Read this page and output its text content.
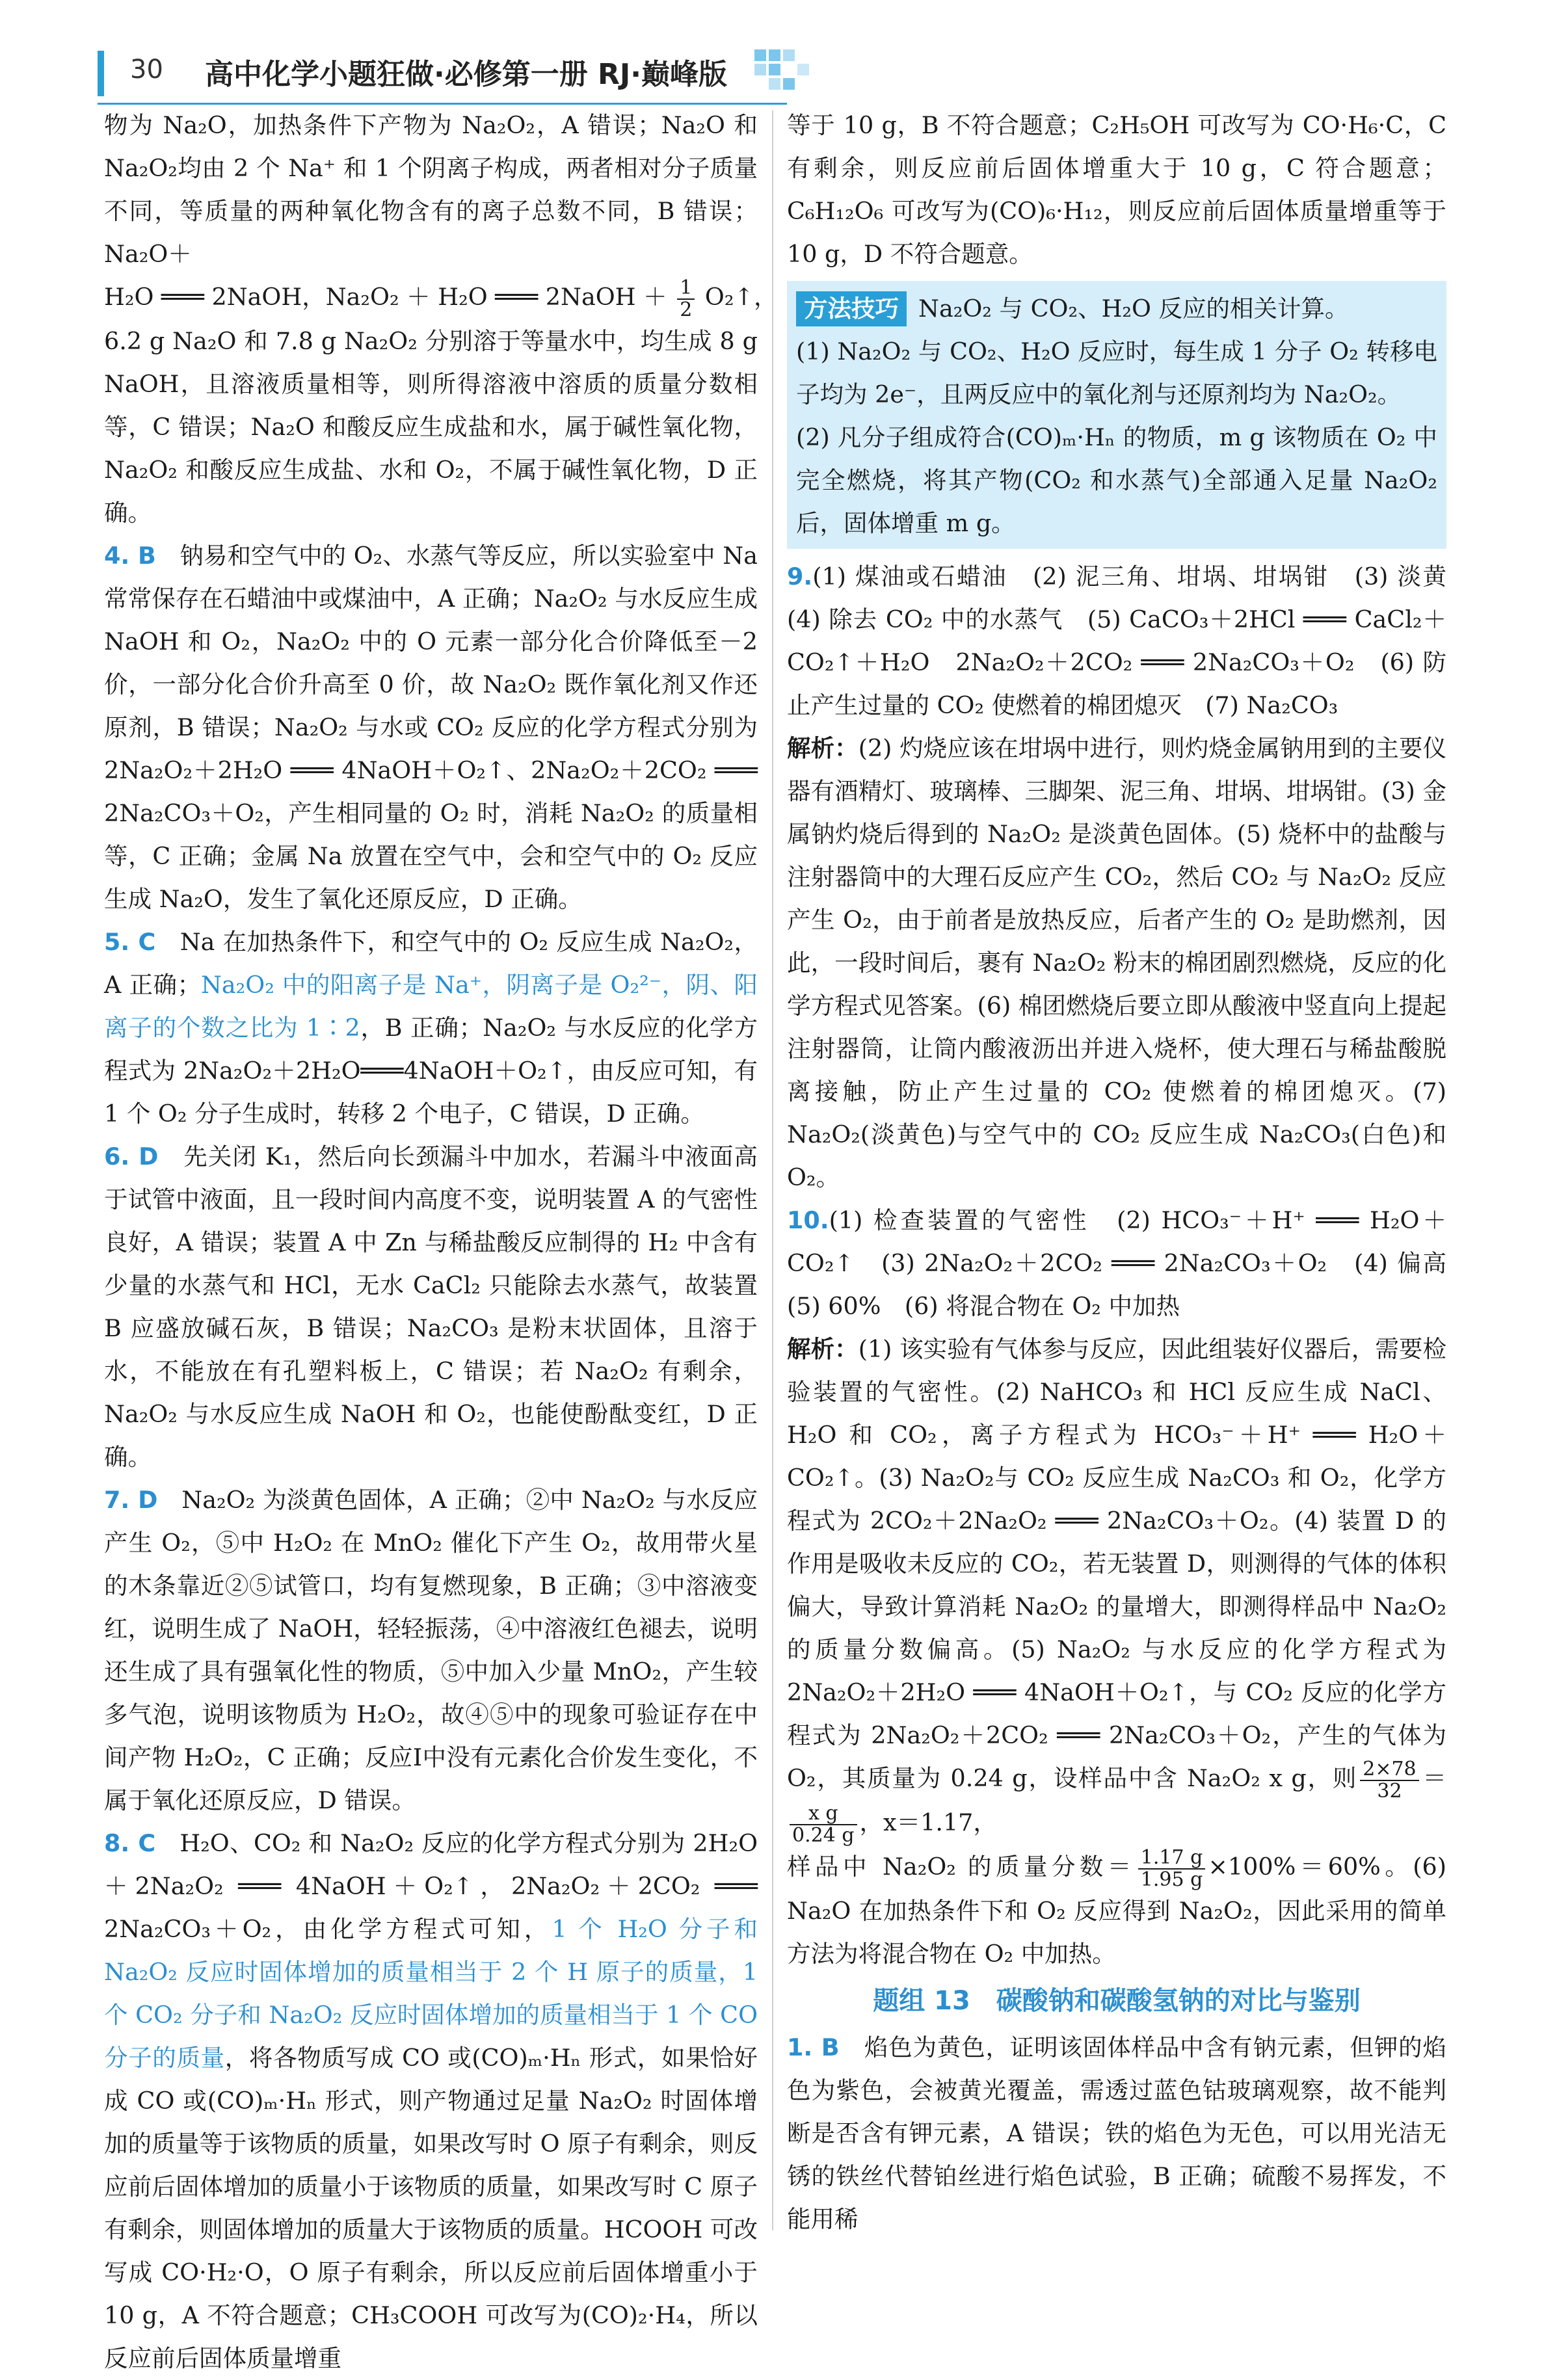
30 高中化学小题狂做·必修第一册 RJ·巅峰版

物为 Na₂O，加热条件下产物为 Na₂O₂，A 错误；Na₂O 和 Na₂O₂均由 2 个 Na⁺ 和 1 个阴离子构成，两者相对分子质量不同，等质量的两种氧化物含有的离子总数不同，B 错误；Na₂O＋

H₂O ═══ 2NaOH，Na₂O₂ ＋ H₂O ═══ 2NaOH ＋ $\frac{1}{2}$ O₂↑，

6.2 g Na₂O 和 7.8 g Na₂O₂ 分别溶于等量水中，均生成 8 g NaOH，且溶液质量相等，则所得溶液中溶质的质量分数相等，C 错误；Na₂O 和酸反应生成盐和水，属于碱性氧化物，Na₂O₂ 和酸反应生成盐、水和 O₂，不属于碱性氧化物，D 正确。

4. B　 钠易和空气中的 O₂、水蒸气等反应，所以实验室中 Na 常常保存在石蜡油中或煤油中，A 正确；Na₂O₂ 与水反应生成 NaOH 和 O₂，Na₂O₂ 中的 O 元素一部分化合价降低至－2 价，一部分化合价升高至 0 价，故 Na₂O₂ 既作氧化剂又作还原剂，B 错误；Na₂O₂ 与水或 CO₂ 反应的化学方程式分别为 2Na₂O₂＋2H₂O ═══ 4NaOH＋O₂↑、2Na₂O₂＋2CO₂ ═══ 2Na₂CO₃＋O₂，产生相同量的 O₂ 时，消耗 Na₂O₂ 的质量相等，C 正确；金属 Na 放置在空气中，会和空气中的 O₂ 反应生成 Na₂O，发生了氧化还原反应，D 正确。

5. C　 Na 在加热条件下，和空气中的 O₂ 反应生成 Na₂O₂，A 正确；Na₂O₂ 中的阳离子是 Na⁺，阴离子是 O₂²⁻，阴、阳离子的个数之比为 1∶2，B 正确；Na₂O₂ 与水反应的化学方程式为 2Na₂O₂＋2H₂O═══4NaOH＋O₂↑，由反应可知，有 1 个 O₂ 分子生成时，转移 2 个电子，C 错误，D 正确。

6. D　 先关闭 K₁，然后向长颈漏斗中加水，若漏斗中液面高于试管中液面，且一段时间内高度不变，说明装置 A 的气密性良好，A 错误；装置 A 中 Zn 与稀盐酸反应制得的 H₂ 中含有少量的水蒸气和 HCl，无水 CaCl₂ 只能除去水蒸气，故装置 B 应盛放碱石灰，B 错误；Na₂CO₃ 是粉末状固体，且溶于水，不能放在有孔塑料板上，C 错误；若 Na₂O₂ 有剩余，Na₂O₂ 与水反应生成 NaOH 和 O₂，也能使酚酞变红，D 正确。

7. D　 Na₂O₂ 为淡黄色固体，A 正确；②中 Na₂O₂ 与水反应产生 O₂，⑤中 H₂O₂ 在 MnO₂ 催化下产生 O₂，故用带火星的木条靠近②⑤试管口，均有复燃现象，B 正确；③中溶液变红，说明生成了 NaOH，轻轻振荡，④中溶液红色褪去，说明还生成了具有强氧化性的物质，⑤中加入少量 MnO₂，产生较多气泡，说明该物质为 H₂O₂，故④⑤中的现象可验证存在中间产物 H₂O₂，C 正确；反应Ⅰ中没有元素化合价发生变化，不属于氧化还原反应，D 错误。

8. C　 H₂O、CO₂ 和 Na₂O₂ 反应的化学方程式分别为 2H₂O＋2Na₂O₂ ═══ 4NaOH＋O₂↑，2Na₂O₂＋2CO₂ ═══ 2Na₂CO₃＋O₂，由化学方程式可知，1 个 H₂O 分子和 Na₂O₂ 反应时固体增加的质量相当于 2 个 H 原子的质量，1 个 CO₂ 分子和 Na₂O₂ 反应时固体增加的质量相当于 1 个 CO 分子的质量，将各物质写成 CO 或(CO)ₘ·Hₙ 形式，如果恰好成 CO 或(CO)ₘ·Hₙ 形式，则产物通过足量 Na₂O₂ 时固体增加的质量等于该物质的质量，如果改写时 O 原子有剩余，则反应前后固体增加的质量小于该物质的质量，如果改写时 C 原子有剩余，则固体增加的质量大于该物质的质量。HCOOH 可改写成 CO·H₂·O，O 原子有剩余，所以反应前后固体增重小于 10 g，A 不符合题意；CH₃COOH 可改写为(CO)₂·H₄，所以反应前后固体质量增重

等于 10 g，B 不符合题意；C₂H₅OH 可改写为 CO·H₆·C，C 有剩余，则反应前后固体增重大于 10 g，C 符合题意；C₆H₁₂O₆ 可改写为(CO)₆·H₁₂，则反应前后固体质量增重等于 10 g，D 不符合题意。

方法技巧 Na₂O₂ 与 CO₂、H₂O 反应的相关计算。

(1) Na₂O₂ 与 CO₂、H₂O 反应时，每生成 1 分子 O₂ 转移电子均为 2e⁻，且两反应中的氧化剂与还原剂均为 Na₂O₂。

(2) 凡分子组成符合(CO)ₘ·Hₙ 的物质，m g 该物质在 O₂ 中完全燃烧，将其产物(CO₂ 和水蒸气)全部通入足量 Na₂O₂ 后，固体增重 m g。

9.(1) 煤油或石蜡油　(2) 泥三角、坩埚、坩埚钳　(3) 淡黄　(4) 除去 CO₂ 中的水蒸气　(5) CaCO₃＋2HCl ═══ CaCl₂＋CO₂↑＋H₂O　2Na₂O₂＋2CO₂ ═══ 2Na₂CO₃＋O₂　(6) 防止产生过量的 CO₂ 使燃着的棉团熄灭　(7) Na₂CO₃

解析：(2) 灼烧应该在坩埚中进行，则灼烧金属钠用到的主要仪器有酒精灯、玻璃棒、三脚架、泥三角、坩埚、坩埚钳。(3) 金属钠灼烧后得到的 Na₂O₂ 是淡黄色固体。(5) 烧杯中的盐酸与注射器筒中的大理石反应产生 CO₂，然后 CO₂ 与 Na₂O₂ 反应产生 O₂，由于前者是放热反应，后者产生的 O₂ 是助燃剂，因此，一段时间后，裹有 Na₂O₂ 粉末的棉团剧烈燃烧，反应的化学方程式见答案。(6) 棉团燃烧后要立即从酸液中竖直向上提起注射器筒，让筒内酸液沥出并进入烧杯，使大理石与稀盐酸脱离接触，防止产生过量的 CO₂ 使燃着的棉团熄灭。(7) Na₂O₂(淡黄色)与空气中的 CO₂ 反应生成 Na₂CO₃(白色)和 O₂。

10.(1) 检查装置的气密性　(2) HCO₃⁻＋H⁺ ═══ H₂O＋CO₂↑　(3) 2Na₂O₂＋2CO₂ ═══ 2Na₂CO₃＋O₂　(4) 偏高　(5) 60%　(6) 将混合物在 O₂ 中加热

解析：(1) 该实验有气体参与反应，因此组装好仪器后，需要检验装置的气密性。(2) NaHCO₃ 和 HCl 反应生成 NaCl、H₂O 和 CO₂，离子方程式为 HCO₃⁻＋H⁺ ═══ H₂O＋CO₂↑。(3) Na₂O₂与 CO₂ 反应生成 Na₂CO₃ 和 O₂，化学方程式为 2CO₂＋2Na₂O₂ ═══ 2Na₂CO₃＋O₂。(4) 装置 D 的作用是吸收未反应的 CO₂，若无装置 D，则测得的气体的体积偏大，导致计算消耗 Na₂O₂ 的量增大，即测得样品中 Na₂O₂ 的质量分数偏高。(5) Na₂O₂ 与水反应的化学方程式为 2Na₂O₂＋2H₂O ═══ 4NaOH＋O₂↑，与 CO₂ 反应的化学方程式为 2Na₂O₂＋2CO₂ ═══ 2Na₂CO₃＋O₂，产生的气体为 O₂，其质量为 0.24 g，设样品中含 Na₂O₂ x g，则 $\frac{2\times 78}{32}$ ＝
$\frac{\text{x g}}{0.24 g}$ ，x＝1.17，

样品中 Na₂O₂ 的质量分数＝ $\frac{1.17 g}{1.95 g} \times 100\%=60\%$。(6) Na₂O 在加热条件下和 O₂ 反应得到 Na₂O₂，因此采用的简单方法为将混合物在 O₂ 中加热。

题组 13　碳酸钠和碳酸氢钠的对比与鉴别

1. B　 焰色为黄色，证明该固体样品中含有钠元素，但钾的焰色为紫色，会被黄光覆盖，需透过蓝色钴玻璃观察，故不能判断是否含有钾元素，A 错误；铁的焰色为无色，可以用光洁无锈的铁丝代替铂丝进行焰色试验，B 正确；硫酸不易挥发，不能用稀
